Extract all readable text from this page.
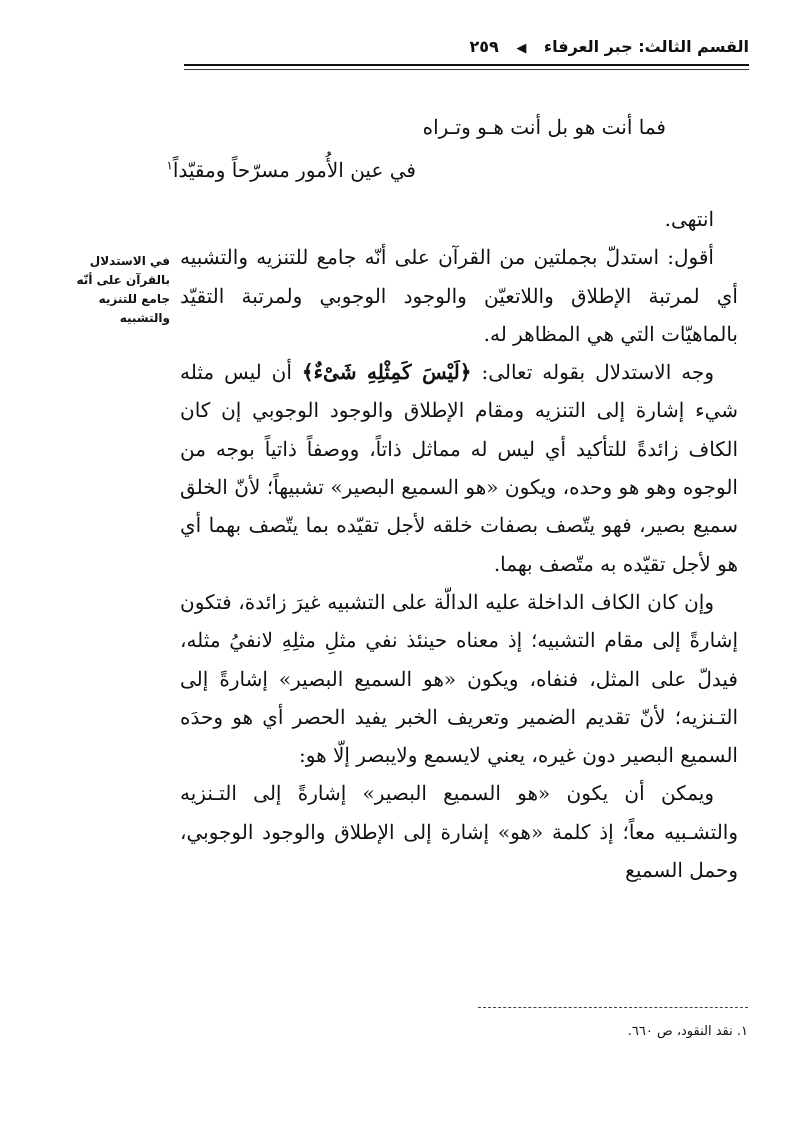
القسم الثالث: جبر العرفاء ◀ ٢٥٩
فما أنت هو بل أنت هـو وتـراه
في عين الأُمور مسرّحاً ومقيّداً$^١$

انتهى.

أقول: استدلّ بجملتين من القرآن على أنّه جامع للتنزيه والتشبيه أي لمرتبة الإطلاق واللاتعيّن والوجود الوجوبي ولمرتبة التقيّد بالماهيّات التي هي المظاهر له.

وجه الاستدلال بقوله تعالى: ﴿لَيْسَ كَمِثْلِهِ شَىْءٌ﴾ أن ليس مثله شيء إشارة إلى التنزيه ومقام الإطلاق والوجود الوجوبي إن كان الكاف زائدةً للتأكيد أي ليس له مماثل ذاتاً، ووصفاً ذاتياً بوجه من الوجوه وهو هو وحده، ويكون «هو السميع البصير» تشبيهاً؛ لأنّ الخلق سميع بصير، فهو يتّصف بصفات خلقه لأجل تقيّده بما يتّصف بهما أي هو لأجل تقيّده به متّصف بهما.

وإن كان الكاف الداخلة عليه الدالّة على التشبيه غيرَ زائدة، فتكون إشارةً إلى مقام التشبيه؛ إذ معناه حينئذ نفي مثلِ مثلِهِ لانفيُ مثله، فيدلّ على المثل، فنفاه، ويكون «هو السميع البصير» إشارةً إلى التـنزيه؛ لأنّ تقديم الضمير وتعريف الخبر يفيد الحصر أي هو وحدَه السميع البصير دون غيره، يعني لايسمع ولايبصر إلّا هو:

ويمكن أن يكون «هو السميع البصير» إشارةً إلى التـنزيه والتشـبيه معاً؛ إذ كلمة «هو» إشارة إلى الإطلاق والوجود الوجوبي، وحمل السميع

في الاستدلال
بالقرآن على أنّه
جامع للتنزيه
والتشبيه
١. نقد النقود، ص ٦٦٠.
